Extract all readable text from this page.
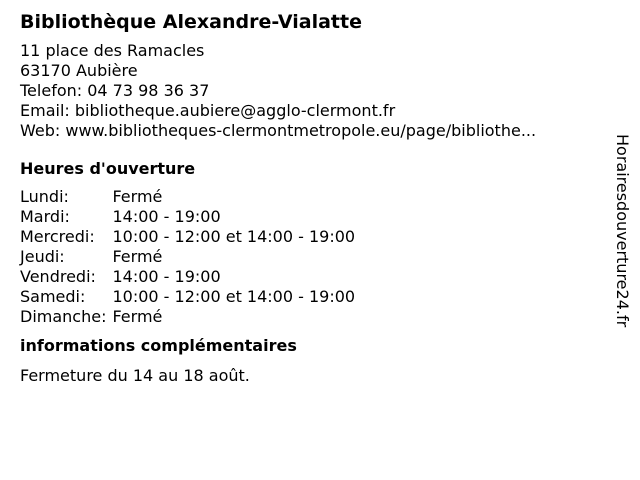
Bibliothèque Alexandre-Vialatte
11 place des Ramacles
63170 Aubière
Telefon: 04 73 98 36 37
Email: bibliotheque.aubiere@agglo-clermont.fr
Web: www.bibliotheques-clermontmetropole.eu/page/bibliothe...
Heures d'ouverture
Lundi:	Fermé
Mardi:	14:00 - 19:00
Mercredi:	10:00 - 12:00 et 14:00 - 19:00
Jeudi:	Fermé
Vendredi:	14:00 - 19:00
Samedi:	10:00 - 12:00 et 14:00 - 19:00
Dimanche:	Fermé
informations complémentaires
Fermeture du 14 au 18 août.
Horairesdouverture24.fr
